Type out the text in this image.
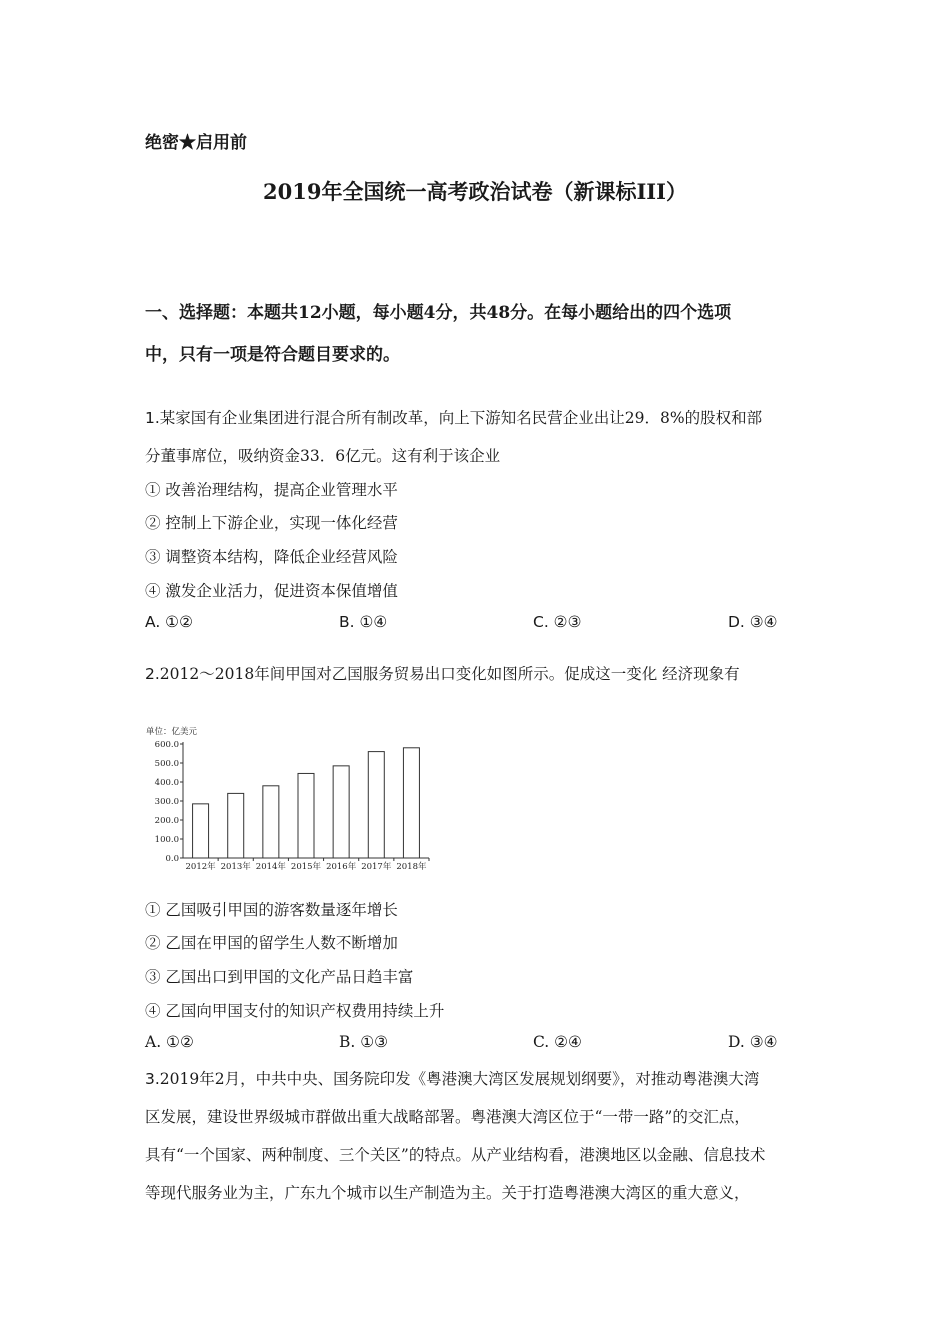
绝密★启用前
2019年全国统一高考政治试卷（新课标III）
一、选择题：本题共12小题，每小题4分，共48分。在每小题给出的四个选项
中，只有一项是符合题目要求的。
1.某家国有企业集团进行混合所有制改革，向上下游知名民营企业出让29．8%的股权和部
分董事席位，吸纳资金33．6亿元。这有利于该企业
① 改善治理结构，提高企业管理水平
② 控制上下游企业，实现一体化经营
③ 调整资本结构，降低企业经营风险
④ 激发企业活力，促进资本保值增值
A. ①②	B. ①④	C. ②③	D. ③④
2.2012～2018年间甲国对乙国服务贸易出口变化如图所示。促成这一变化 经济现象有
单位：亿美元
0.0
100.0
200.0
300.0
400.0
500.0
600.0
2012年 2013年 2014年 2015年 2016年 2017年 2018年
① 乙国吸引甲国的游客数量逐年增长
② 乙国在甲国的留学生人数不断增加
③ 乙国出口到甲国的文化产品日趋丰富
④ 乙国向甲国支付的知识产权费用持续上升
A. ①②	B. ①③	C. ②④	D. ③④
3.2019年2月，中共中央、国务院印发《粤港澳大湾区发展规划纲要》，对推动粤港澳大湾
区发展，建设世界级城市群做出重大战略部署。粤港澳大湾区位于“一带一路”的交汇点，
具有“一个国家、两种制度、三个关区”的特点。从产业结构看，港澳地区以金融、信息技术
等现代服务业为主，广东九个城市以生产制造为主。关于打造粤港澳大湾区的重大意义，
